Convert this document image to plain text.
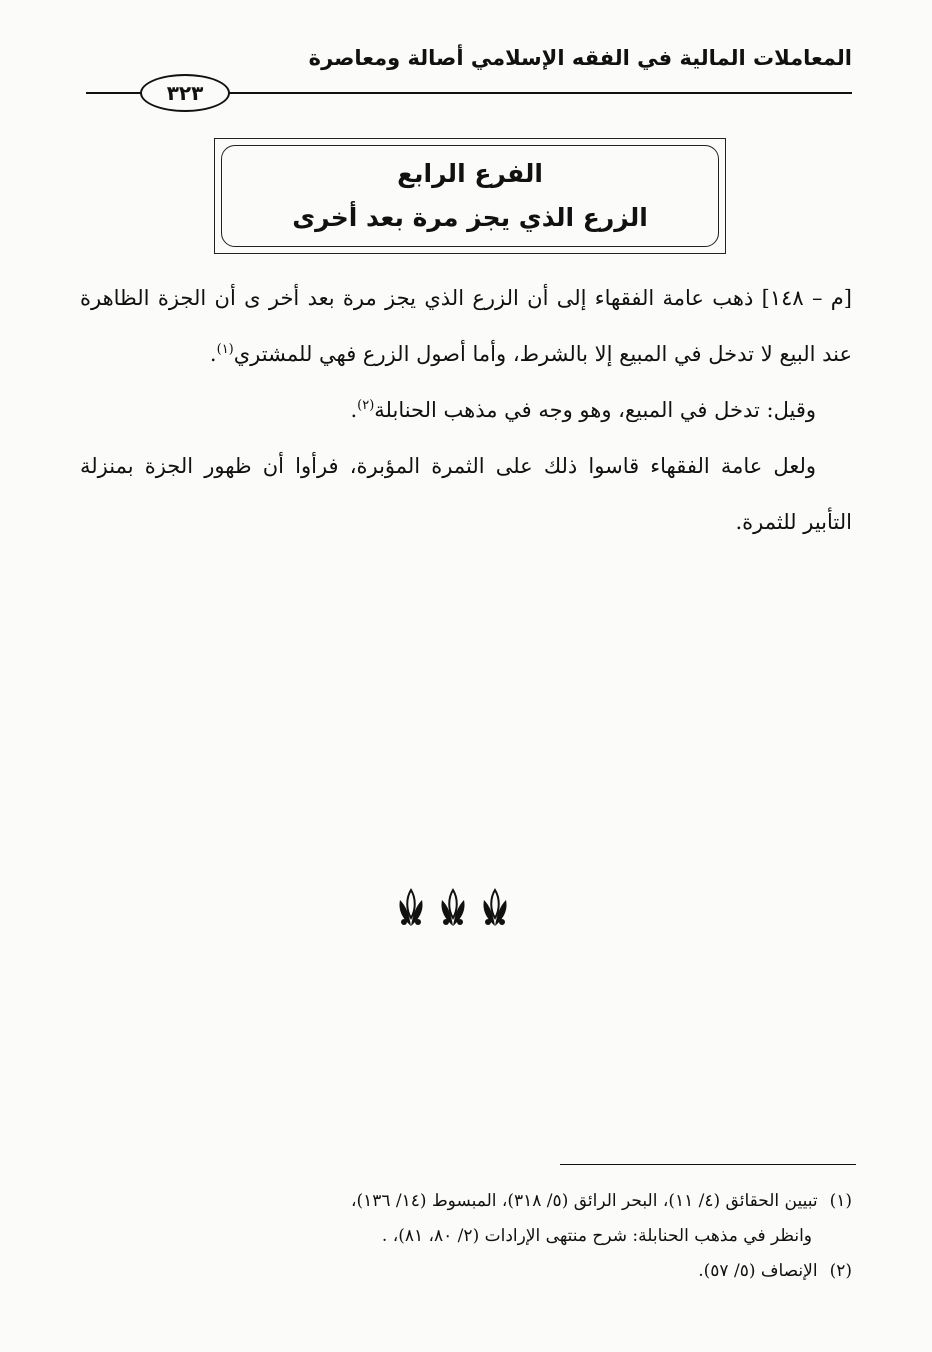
المعاملات المالية في الفقه الإسلامي أصالة ومعاصرة
٣٢٣
الفرع الرابع
الزرع الذي يجز مرة بعد أخرى

[م – ١٤٨] ذهب عامة الفقهاء إلى أن الزرع الذي يجز مرة بعد أخر ى أن الجزة الظاهرة عند البيع لا تدخل في المبيع إلا بالشرط، وأما أصول الزرع فهي للمشتري$^{(١)}$.

وقيل: تدخل في المبيع، وهو وجه في مذهب الحنابلة$^{(٢)}$.

ولعل عامة الفقهاء قاسوا ذلك على الثمرة المؤبرة، فرأوا أن ظهور الجزة بمنزلة التأبير للثمرة.

(١)تبيين الحقائق (٤/ ١١)، البحر الرائق (٥/ ٣١٨)، المبسوط (١٤/ ١٣٦)،

وانظر في مذهب الحنابلة: شرح منتهى الإرادات (٢/ ٨٠، ٨١)، .

(٢)الإنصاف (٥/ ٥٧).
